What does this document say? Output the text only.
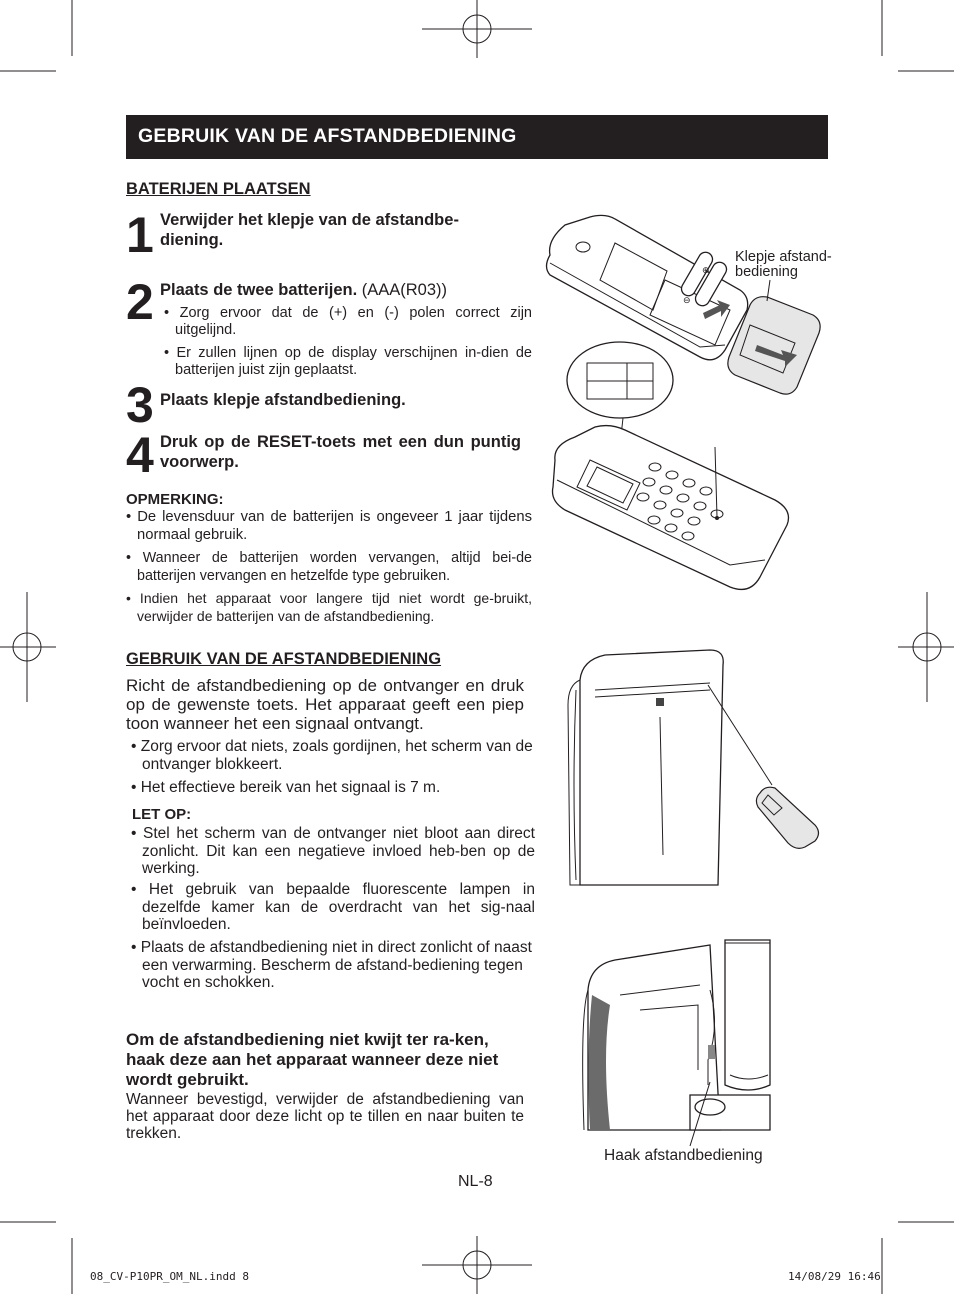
GEBRUIK VAN DE AFSTANDBEDIENING
BATERIJEN PLAATSEN
1 Verwijder het klepje van de afstandbe-diening.
2 Plaats de twee batterijen. (AAA(R03))
• Zorg ervoor dat de (+) en (-) polen correct zijn uitgelijnd.
• Er zullen lijnen op de display verschijnen in-dien de batterijen juist zijn geplaatst.
3 Plaats klepje afstandbediening.
4 Druk op de RESET-toets met een dun puntig voorwerp.
OPMERKING:
• De levensduur van de batterijen is ongeveer 1 jaar tijdens normaal gebruik.
• Wanneer de batterijen worden vervangen, altijd bei-de batterijen vervangen en hetzelfde type gebruiken.
• Indien het apparaat voor langere tijd niet wordt ge-bruikt, verwijder de batterijen van de afstandbediening.
GEBRUIK VAN DE AFSTANDBEDIENING
Richt de afstandbediening op de ontvanger en druk op de gewenste toets. Het apparaat geeft een piep toon wanneer het een signaal ontvangt.
• Zorg ervoor dat niets, zoals gordijnen, het scherm van de ontvanger blokkeert.
• Het effectieve bereik van het signaal is 7 m.
LET OP:
• Stel het scherm van de ontvanger niet bloot aan direct zonlicht. Dit kan een negatieve invloed heb-ben op de werking.
• Het gebruik van bepaalde fluorescente lampen in dezelfde kamer kan de overdracht van het sig-naal beïnvloeden.
• Plaats de afstandbediening niet in direct zonlicht of naast een verwarming. Bescherm de afstand-bediening tegen vocht en schokken.
Om de afstandbediening niet kwijt ter ra-ken, haak deze aan het apparaat wanneer deze niet wordt gebruikt.
Wanneer bevestigd, verwijder de afstandbediening van het apparaat door deze licht op te tillen en naar buiten te trekken.
⊕
⊖
Klepje afstand-bediening
Haak afstandbediening
NL-8
08_CV-P10PR_OM_NL.indd 8	14/08/29 16:46
